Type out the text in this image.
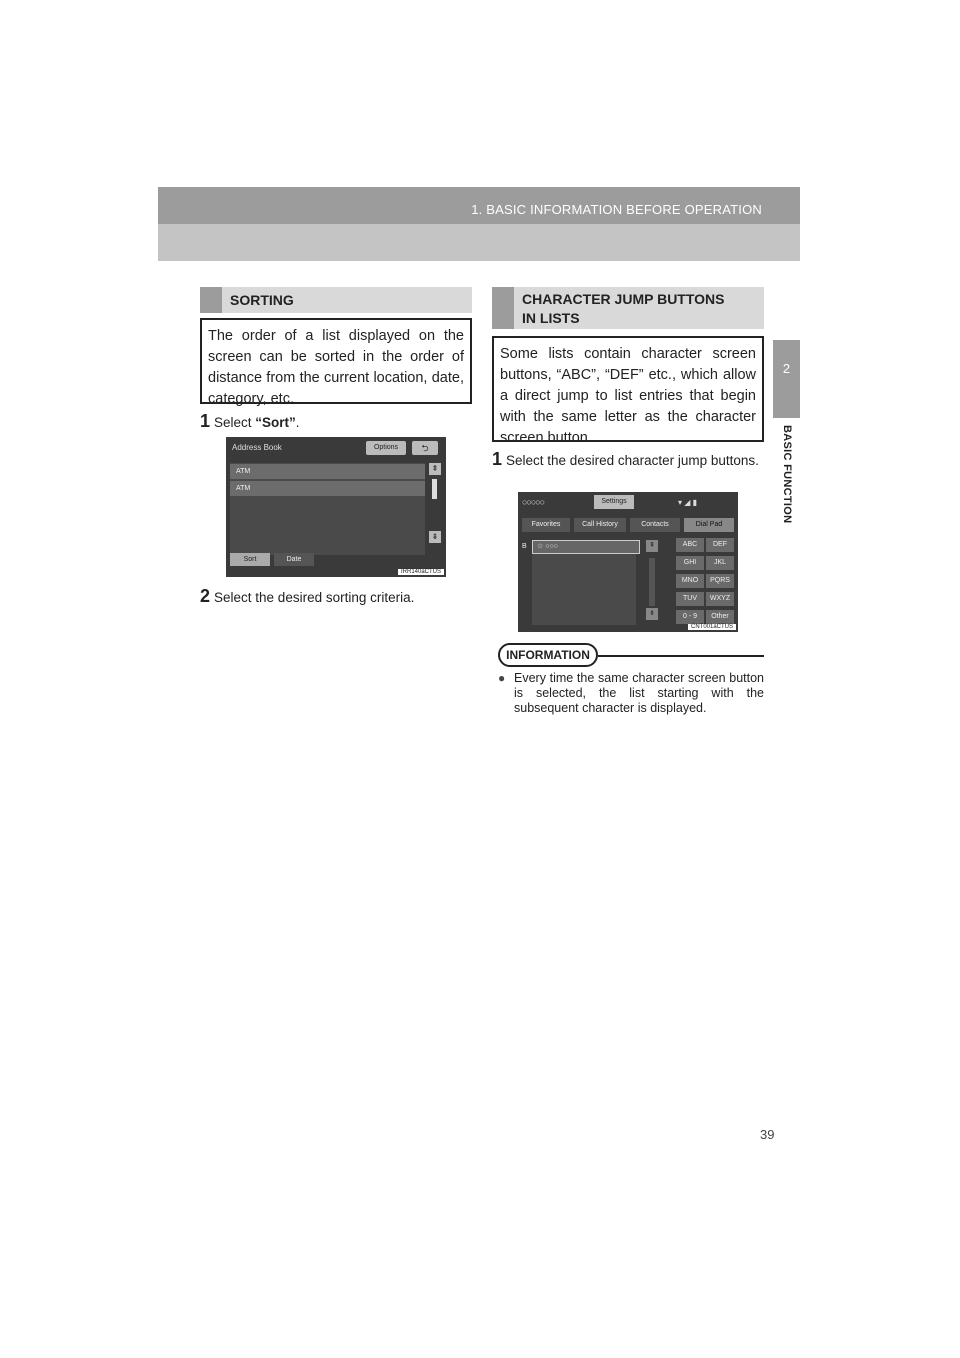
1. BASIC INFORMATION BEFORE OPERATION
2
BASIC FUNCTION
SORTING
The order of a list displayed on the screen can be sorted in the order of distance from the current location, date, category, etc.
1 Select “Sort”.
Address Book	Options	⮌
ATM
ATM
⇞
⇟
Sort	Date
IRR140aCTUS
2 Select the desired sorting criteria.
CHARACTER JUMP BUTTONS
IN LISTS
Some lists contain character screen buttons, “ABC”, “DEF” etc., which allow a direct jump to list entries that begin with the same letter as the character screen button.
1 Select the desired character jump buttons.
○○○○○	Settings	▾ ◢ ▮
Favorites	Call History	Contacts	Dial Pad
B	☆ ○○○	⇞
⇟
ABC	DEF
GHI	JKL
MNO	PQRS
TUV	WXYZ
0 - 9	Other
CNT001aCTUS
INFORMATION
● Every time the same character screen button is selected, the list starting with the subsequent character is displayed.
39
